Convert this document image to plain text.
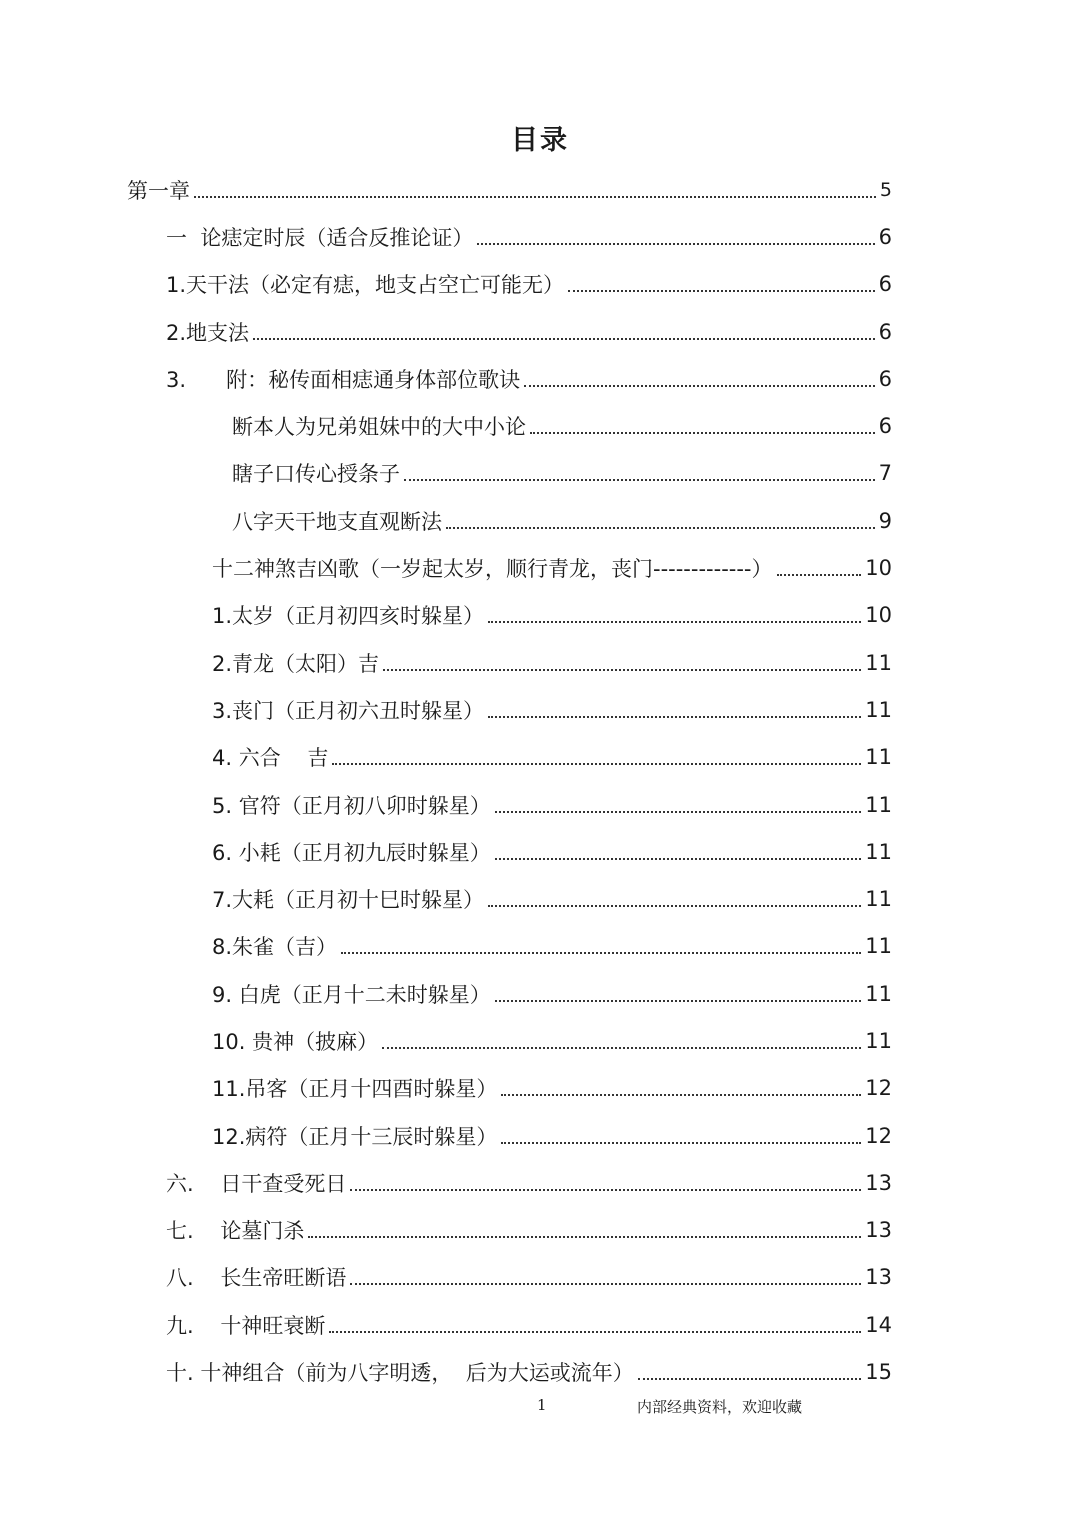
目录
第一章	5
一  论痣定时辰（适合反推论证）	6
1.天干法（必定有痣，地支占空亡可能无）	6
2.地支法	6
3.      附：秘传面相痣通身体部位歌诀	6
断本人为兄弟姐妹中的大中小论	6
瞎子口传心授条子	7
八字天干地支直观断法	9
十二神煞吉凶歌（一岁起太岁，顺行青龙，丧门-------------）	10
1.太岁（正月初四亥时躲星）	10
2.青龙（太阳）吉	11
3.丧门（正月初六丑时躲星）	11
4. 六合    吉	11
5. 官符（正月初八卯时躲星）	11
6. 小耗（正月初九辰时躲星）	11
7.大耗（正月初十巳时躲星）	11
8.朱雀（吉）	11
9. 白虎（正月十二未时躲星）	11
10. 贵神（披麻）	11
11.吊客（正月十四酉时躲星）	12
12.病符（正月十三辰时躲星）	12
六.    日干查受死日	13
七.    论墓门杀	13
八.    长生帝旺断语	13
九.    十神旺衰断	14
十. 十神组合（前为八字明透，  后为大运或流年）	15
1	内部经典资料，欢迎收藏
